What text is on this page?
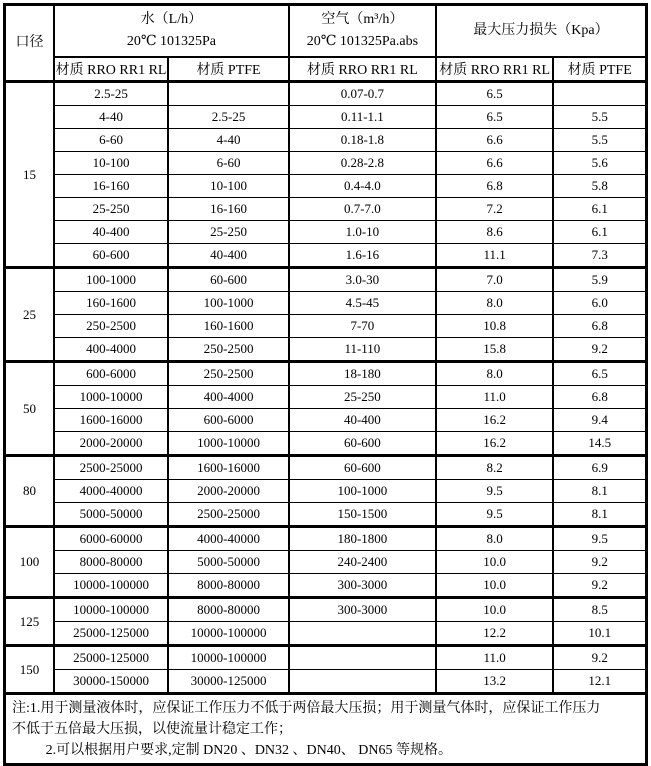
口径	
水（L/h）
20℃ 101325Pa

空气（m³/h）
20℃ 101325Pa.abs
	最大压力损失（Kpa）
	材质 RRO RR1 RL	材质 PTFE	材质 RRO RR1 RL	材质 RRO RR1 RL	材质 PTFE
15	2.5-25		0.07-0.7	6.5	
	4-40	2.5-25	0.11-1.1	6.5	5.5
	6-60	4-40	0.18-1.8	6.6	5.5
	10-100	6-60	0.28-2.8	6.6	5.6
	16-160	10-100	0.4-4.0	6.8	5.8
	25-250	16-160	0.7-7.0	7.2	6.1
	40-400	25-250	1.0-10	8.6	6.1
	60-600	40-400	1.6-16	11.1	7.3
25	100-1000	60-600	3.0-30	7.0	5.9
	160-1600	100-1000	4.5-45	8.0	6.0
	250-2500	160-1600	7-70	10.8	6.8
	400-4000	250-2500	11-110	15.8	9.2
50	600-6000	250-2500	18-180	8.0	6.5
	1000-10000	400-4000	25-250	11.0	6.8
	1600-16000	600-6000	40-400	16.2	9.4
	2000-20000	1000-10000	60-600	16.2	14.5
80	2500-25000	1600-16000	60-600	8.2	6.9
	4000-40000	2000-20000	100-1000	9.5	8.1
	5000-50000	2500-25000	150-1500	9.5	8.1
100	6000-60000	4000-40000	180-1800	8.0	9.5
	8000-80000	5000-50000	240-2400	10.0	9.2
	10000-100000	8000-80000	300-3000	10.0	9.2
125	10000-100000	8000-80000	300-3000	10.0	8.5
	25000-125000	10000-100000		12.2	10.1
150	25000-125000	10000-100000		11.0	9.2
	30000-150000	30000-125000		13.2	12.1

注:1.用于测量液体时，应保证工作压力不低于两倍最大压损；用于测量气体时，应保证工作压力

不低于五倍最大压损，以使流量计稳定工作；

2.可以根据用户要求,定制 DN20 、DN32 、DN40、 DN65 等规格。					
